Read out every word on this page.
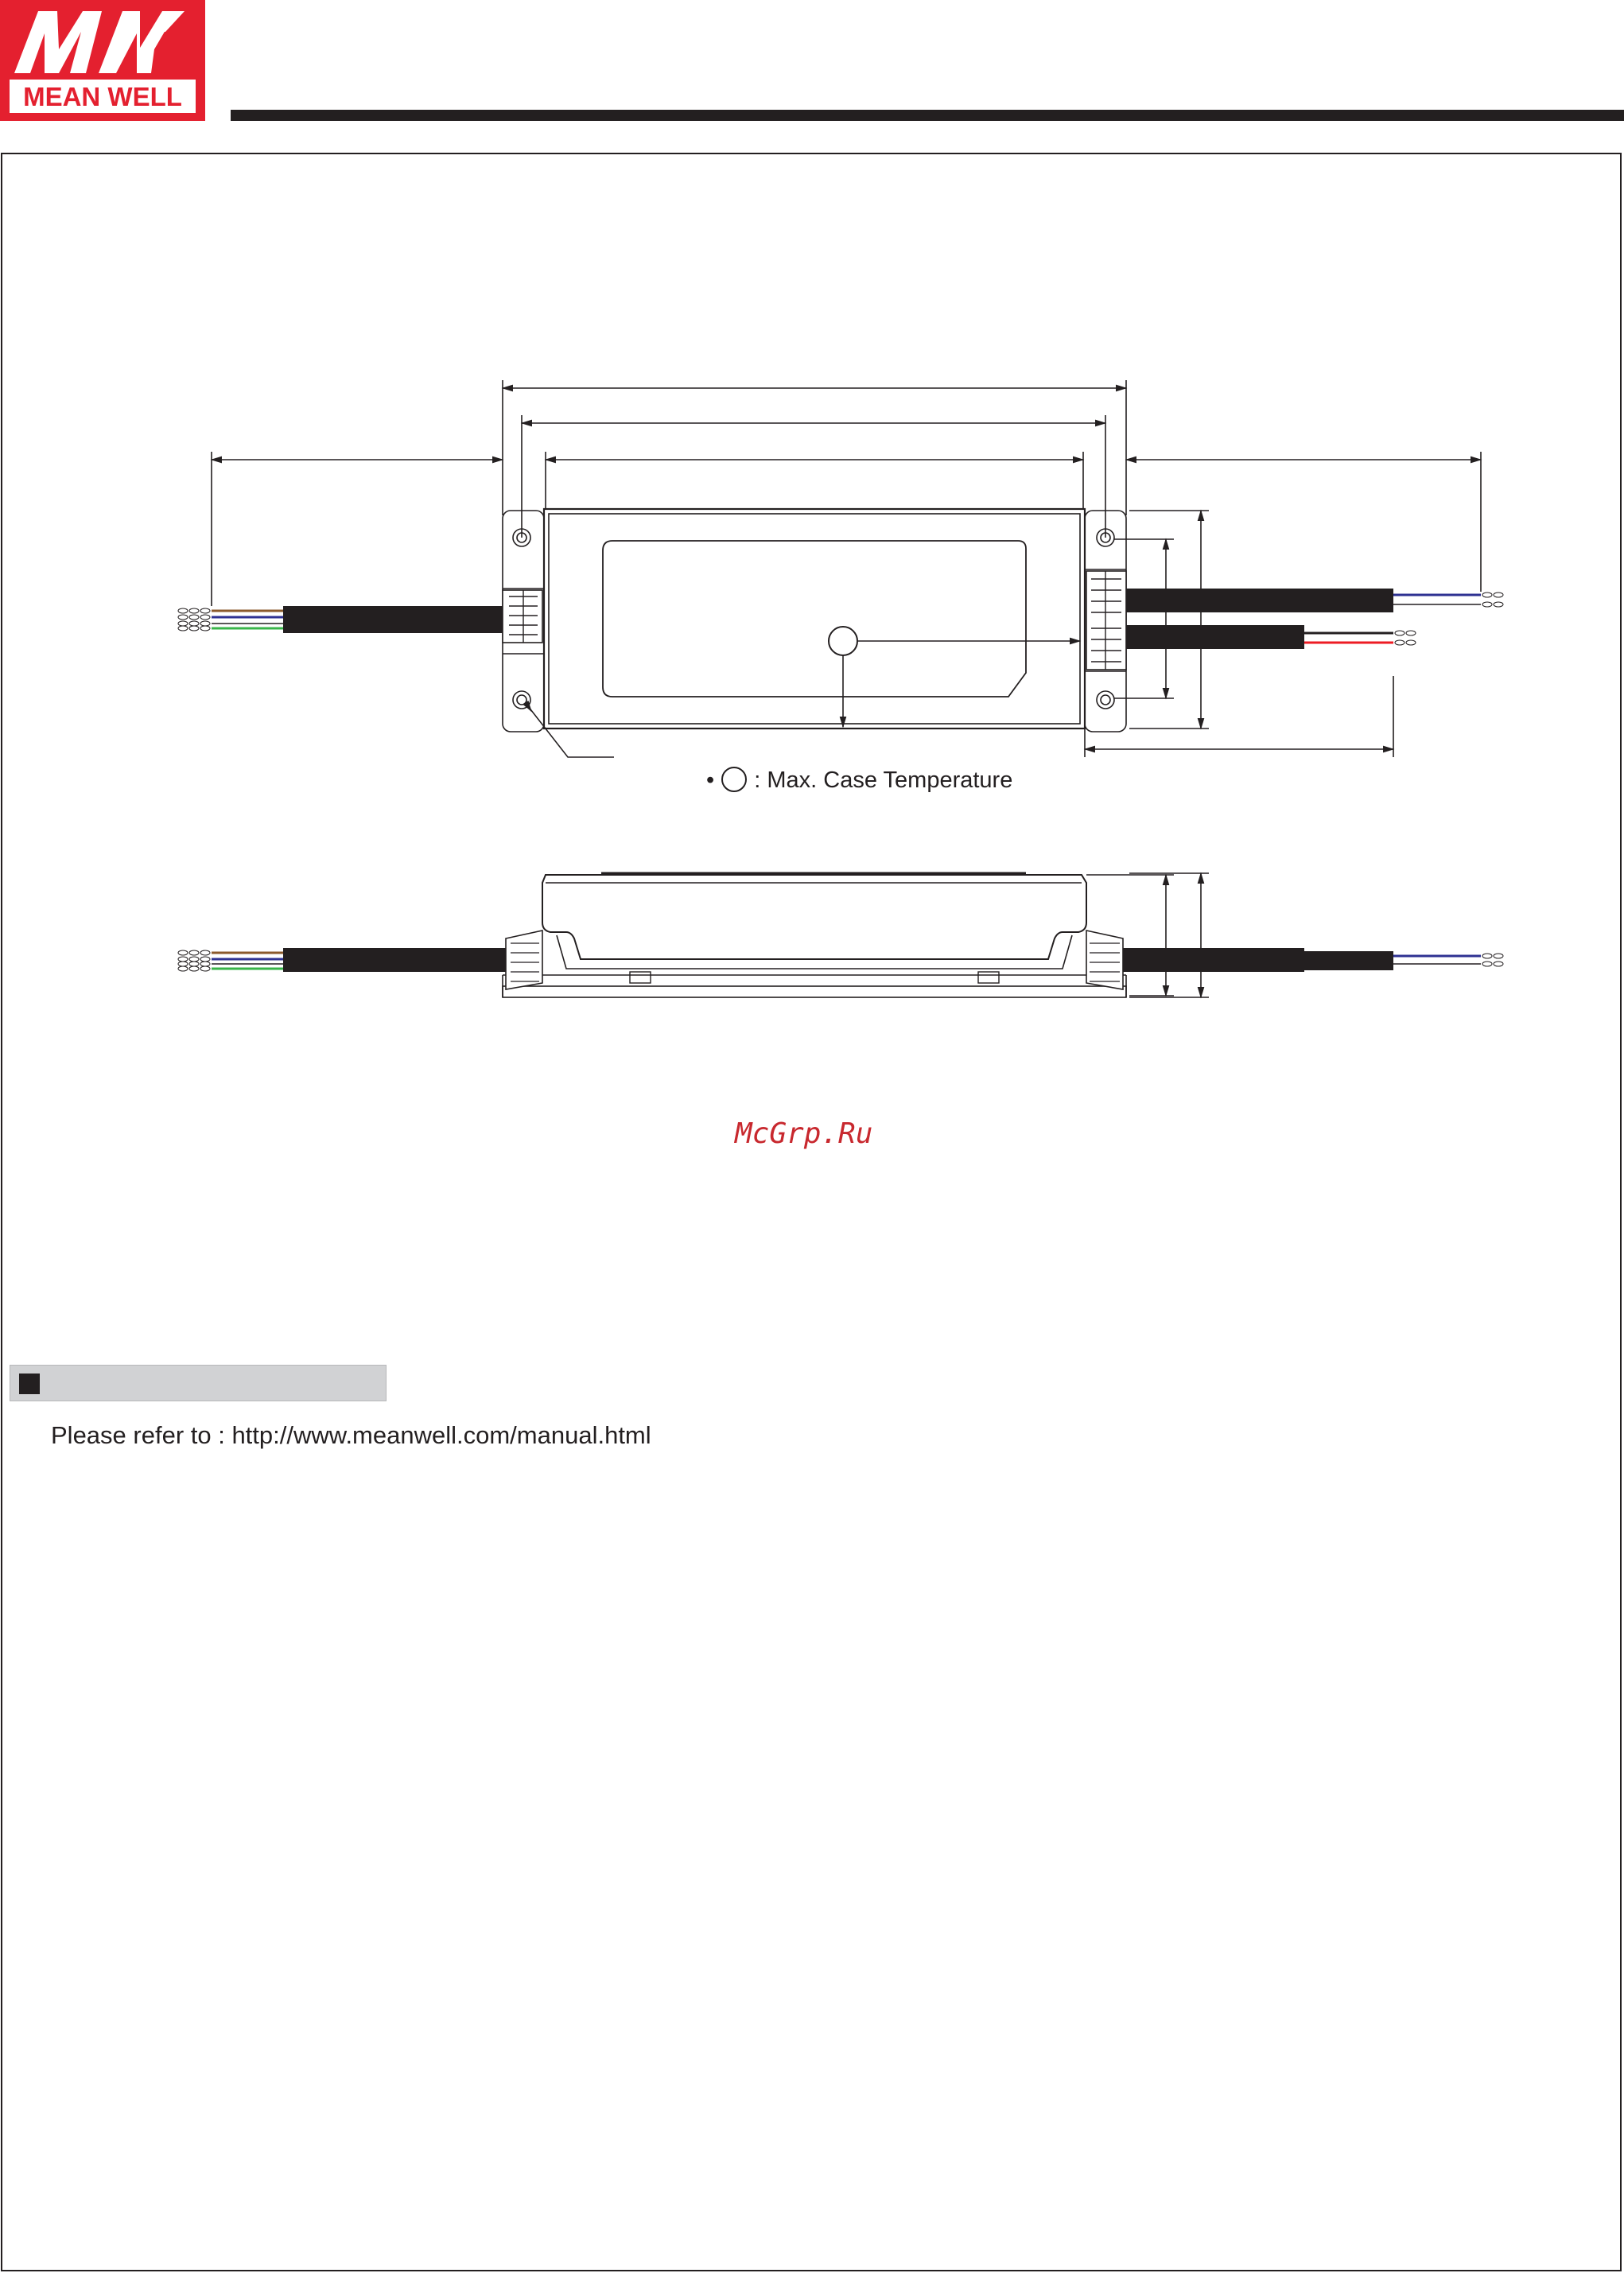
MEAN WELL
• : Max. Case Temperature
McGrp.Ru
Please refer to : http://www.meanwell.com/manual.html
